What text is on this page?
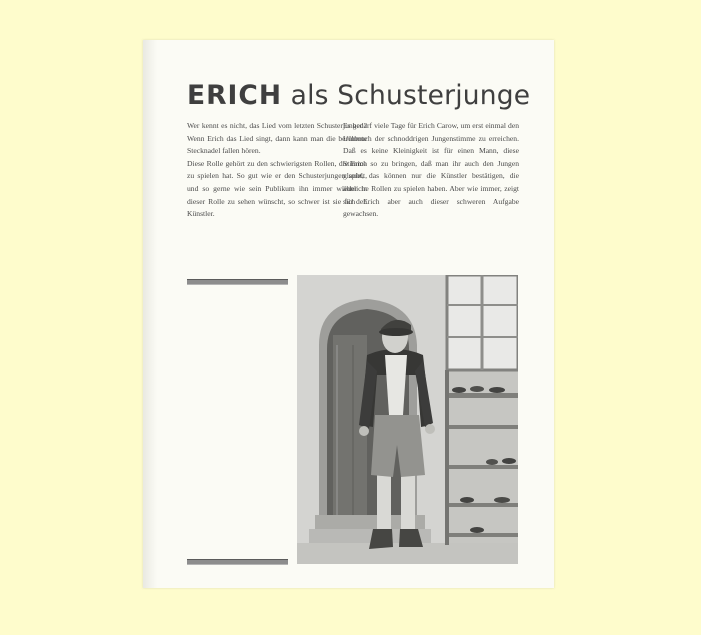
ERICH als Schusterjunge

Wer kennt es nicht, das Lied vom letzten Schusterjungen? Wenn Erich das Lied singt, dann kann man die berühmte Stecknadel fallen hören.

Diese Rolle gehört zu den schwierigsten Rollen, die Erich zu spielen hat. So gut wie er den Schusterjungen spielt, und so gerne wie sein Publikum ihn immer wieder in dieser Rolle zu sehen wünscht, so schwer ist sie für den Künstler.

Es bedarf viele Tage für Erich Carow, um erst einmal den Umbruch der schnoddrigen Jungenstimme zu erreichen. Daß es keine Kleinigkeit ist für einen Mann, diese Stimme so zu bringen, daß man ihr auch den Jungen glaubt, das können nur die Künstler bestätigen, die ähnliche Rollen zu spielen haben. Aber wie immer, zeigt sich Erich aber auch dieser schweren Aufgabe gewachsen.
